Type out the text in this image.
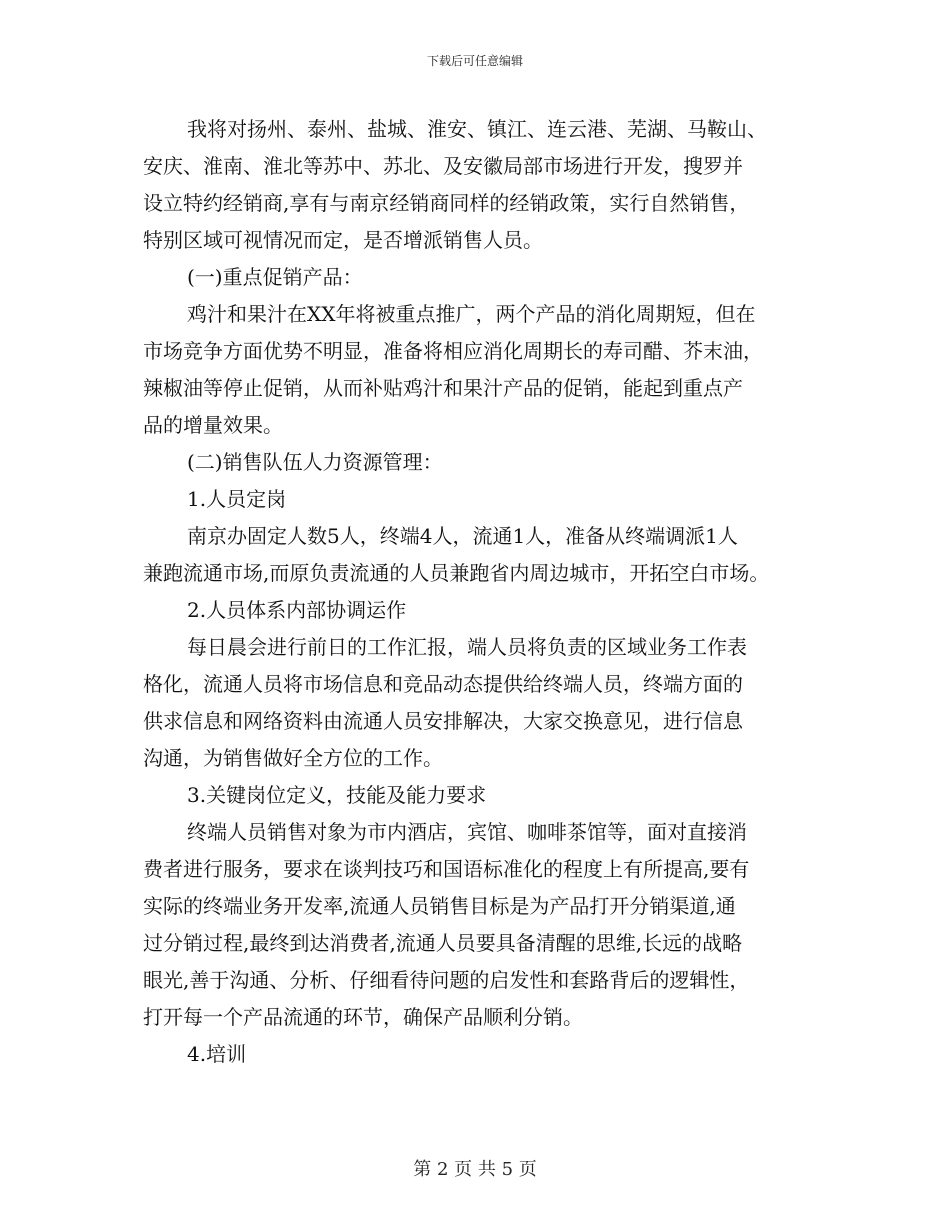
下载后可任意编辑
我将对扬州、泰州、盐城、淮安、镇江、连云港、芜湖、马鞍山、
安庆、淮南、淮北等苏中、苏北、及安徽局部市场进行开发，搜罗并
设立特约经销商,享有与南京经销商同样的经销政策，实行自然销售，
特别区域可视情况而定，是否增派销售人员。
(一)重点促销产品：
鸡汁和果汁在XX年将被重点推广，两个产品的消化周期短，但在
市场竞争方面优势不明显，准备将相应消化周期长的寿司醋、芥末油，
辣椒油等停止促销，从而补贴鸡汁和果汁产品的促销，能起到重点产
品的增量效果。
(二)销售队伍人力资源管理：
1.人员定岗
南京办固定人数5人，终端4人，流通1人，准备从终端调派1人
兼跑流通市场,而原负责流通的人员兼跑省内周边城市，开拓空白市场。
2.人员体系内部协调运作
每日晨会进行前日的工作汇报，端人员将负责的区域业务工作表
格化，流通人员将市场信息和竞品动态提供给终端人员，终端方面的
供求信息和网络资料由流通人员安排解决，大家交换意见，进行信息
沟通，为销售做好全方位的工作。
3.关键岗位定义，技能及能力要求
终端人员销售对象为市内酒店，宾馆、咖啡茶馆等，面对直接消
费者进行服务，要求在谈判技巧和国语标准化的程度上有所提高,要有
实际的终端业务开发率,流通人员销售目标是为产品打开分销渠道,通
过分销过程,最终到达消费者,流通人员要具备清醒的思维,长远的战略
眼光,善于沟通、分析、仔细看待问题的启发性和套路背后的逻辑性，
打开每一个产品流通的环节，确保产品顺利分销。
4.培训
第 2 页 共 5 页
